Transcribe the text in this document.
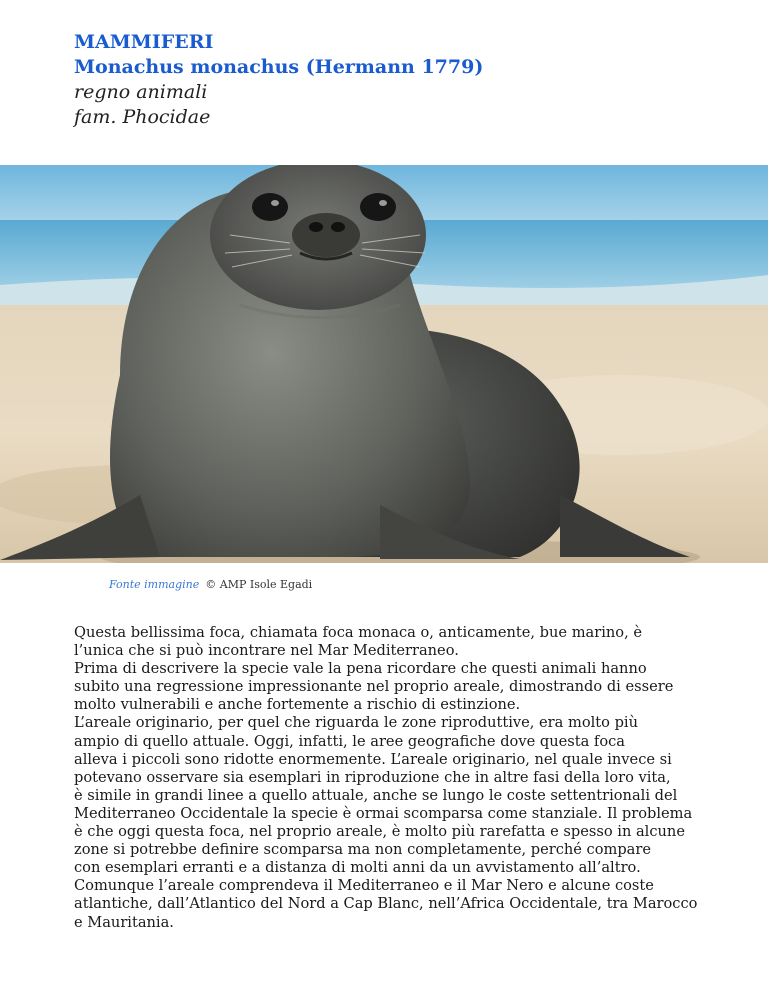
MAMMIFERI
Monachus monachus (Hermann 1779)
regno animali
fam. Phocidae
Fonte immagine © AMP Isole Egadi
Questa bellissima foca, chiamata foca monaca o, anticamente, bue marino, è
l’unica che si può incontrare nel Mar Mediterraneo.
Prima di descrivere la specie vale la pena ricordare che questi animali hanno
subito una regressione impressionante nel proprio areale, dimostrando di essere
molto vulnerabili e anche fortemente a rischio di estinzione.
L’areale originario, per quel che riguarda le zone riproduttive, era molto più
ampio di quello attuale. Oggi, infatti, le aree geografiche dove questa foca
alleva i piccoli sono ridotte enormemente. L’areale originario, nel quale invece si
potevano osservare sia esemplari in riproduzione che in altre fasi della loro vita,
è simile in grandi linee a quello attuale, anche se lungo le coste settentrionali del
Mediterraneo Occidentale la specie è ormai scomparsa come stanziale. Il problema
è che oggi questa foca, nel proprio areale, è molto più rarefatta e spesso in alcune
zone si potrebbe definire scomparsa ma non completamente, perché compare
con esemplari erranti e a distanza di molti anni da un avvistamento all’altro.
Comunque l’areale comprendeva il Mediterraneo e il Mar Nero e alcune coste
atlantiche, dall’Atlantico del Nord a Cap Blanc, nell’Africa Occidentale, tra Marocco
e Mauritania.
